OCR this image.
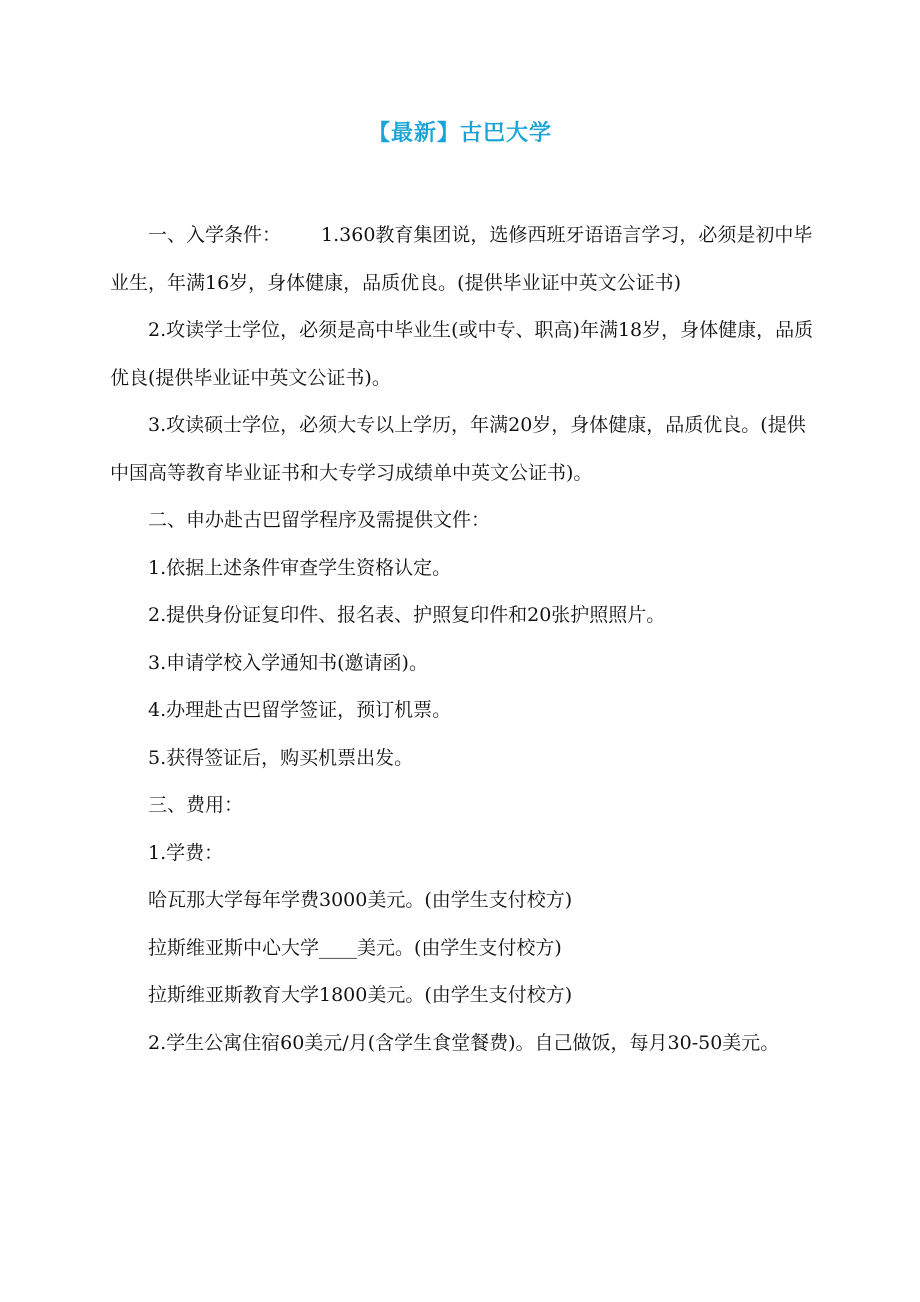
【最新】古巴大学

一、入学条件： 1.360教育集团说，选修西班牙语语言学习，必须是初中毕业生，年满16岁，身体健康，品质优良。(提供毕业证中英文公证书)

2.攻读学士学位，必须是高中毕业生(或中专、职高)年满18岁，身体健康，品质优良(提供毕业证中英文公证书)。

3.攻读硕士学位，必须大专以上学历，年满20岁，身体健康，品质优良。(提供中国高等教育毕业证书和大专学习成绩单中英文公证书)。

二、申办赴古巴留学程序及需提供文件：

1.依据上述条件审查学生资格认定。

2.提供身份证复印件、报名表、护照复印件和20张护照照片。

3.申请学校入学通知书(邀请函)。

4.办理赴古巴留学签证，预订机票。

5.获得签证后，购买机票出发。

三、费用：

1.学费：

哈瓦那大学每年学费3000美元。(由学生支付校方)

拉斯维亚斯中心大学____美元。(由学生支付校方)

拉斯维亚斯教育大学1800美元。(由学生支付校方)

2.学生公寓住宿60美元/月(含学生食堂餐费)。自己做饭，每月30-50美元。
